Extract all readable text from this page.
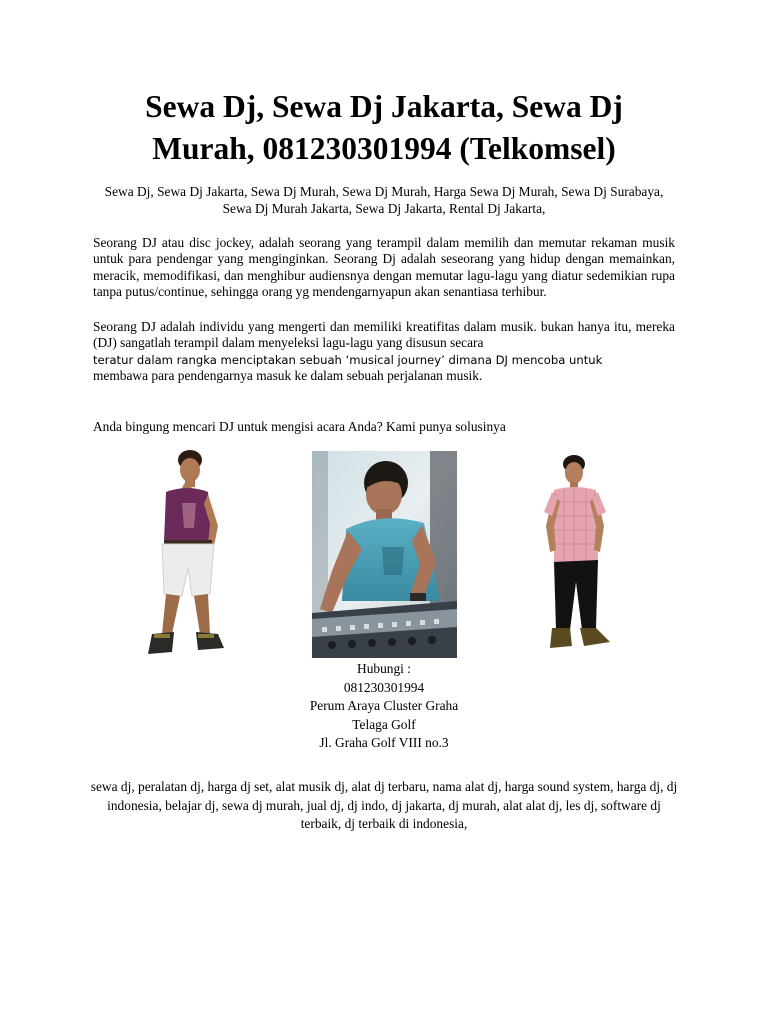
Sewa Dj, Sewa Dj Jakarta, Sewa Dj Murah, 081230301994 (Telkomsel)

Sewa Dj, Sewa Dj Jakarta, Sewa Dj Murah, Sewa Dj Murah, Harga Sewa Dj Murah, Sewa Dj Surabaya, Sewa Dj Murah Jakarta, Sewa Dj Jakarta, Rental Dj Jakarta,

Seorang DJ atau disc jockey, adalah seorang yang terampil dalam memilih dan memutar rekaman musik untuk para pendengar yang menginginkan. Seorang Dj adalah seseorang yang hidup dengan memainkan, meracik, memodifikasi, dan menghibur audiensnya dengan memutar lagu-lagu yang diatur sedemikian rupa tanpa putus/continue, sehingga orang yg mendengarnyapun akan senantiasa terhibur.

Seorang DJ adalah individu yang mengerti dan memiliki kreatifitas dalam musik. bukan hanya itu, mereka (DJ) sangatlah terampil dalam menyeleksi lagu-lagu yang disusun secara
teratur dalam rangka menciptakan sebuah ‘musical journey’ dimana DJ mencoba untuk
membawa para pendengarnya masuk ke dalam sebuah perjalanan musik.

Anda bingung mencari DJ untuk mengisi acara Anda? Kami punya solusinya

Hubungi :
081230301994
Perum Araya Cluster Graha
Telaga Golf
Jl. Graha Golf VIII no.3

sewa dj, peralatan dj, harga dj set, alat musik dj, alat dj terbaru, nama alat dj, harga sound system, harga dj, dj indonesia, belajar dj, sewa dj murah, jual dj, dj indo, dj jakarta, dj murah, alat alat dj, les dj, software dj terbaik, dj terbaik di indonesia,
